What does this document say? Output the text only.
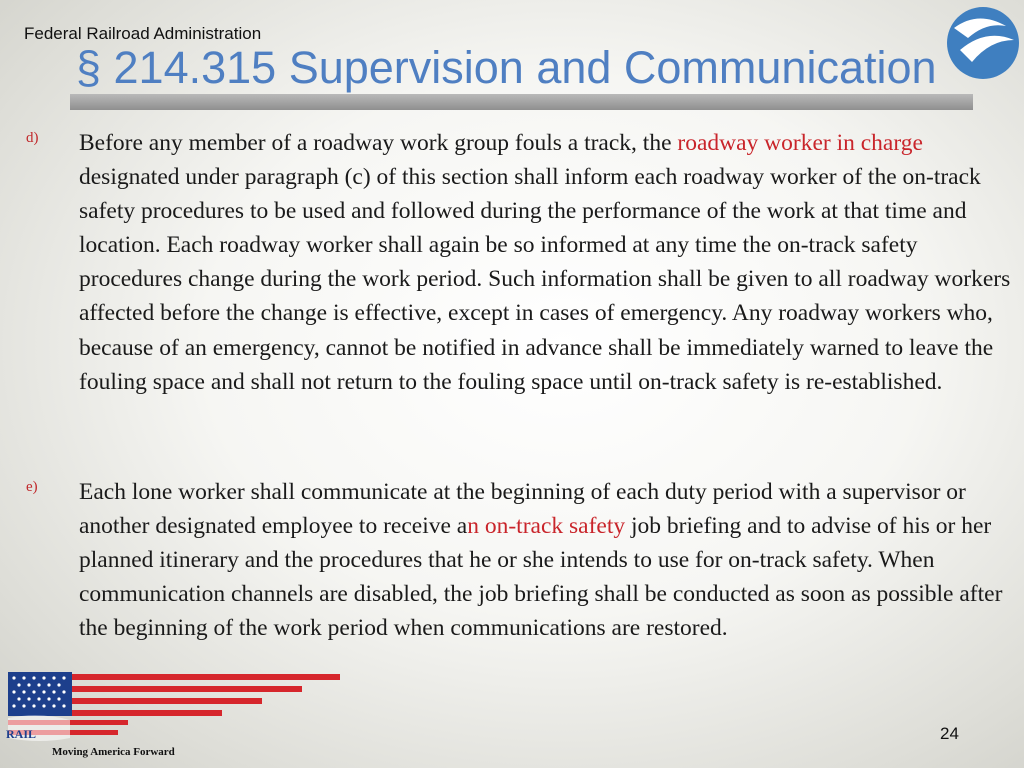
Federal Railroad Administration
§ 214.315 Supervision and Communication
d) Before any member of a roadway work group fouls a track, the roadway worker in charge designated under paragraph (c) of this section shall inform each roadway worker of the on-track safety procedures to be used and followed during the performance of the work at that time and location. Each roadway worker shall again be so informed at any time the on-track safety procedures change during the work period. Such information shall be given to all roadway workers affected before the change is effective, except in cases of emergency. Any roadway workers who, because of an emergency, cannot be notified in advance shall be immediately warned to leave the fouling space and shall not return to the fouling space until on-track safety is re-established.
e) Each lone worker shall communicate at the beginning of each duty period with a supervisor or another designated employee to receive an on-track safety job briefing and to advise of his or her planned itinerary and the procedures that he or she intends to use for on-track safety. When communication channels are disabled, the job briefing shall be conducted as soon as possible after the beginning of the work period when communications are restored.
RAIL
Moving America Forward
24
